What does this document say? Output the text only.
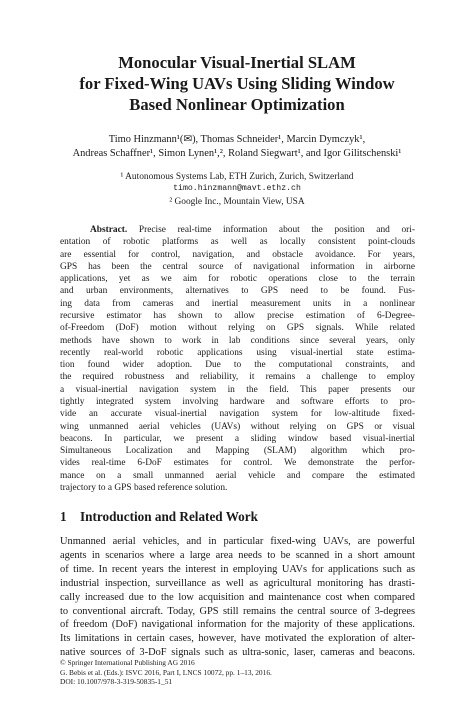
Monocular Visual-Inertial SLAM
for Fixed-Wing UAVs Using Sliding Window
Based Nonlinear Optimization
Timo Hinzmann¹(✉), Thomas Schneider¹, Marcin Dymczyk¹,
Andreas Schaffner¹, Simon Lynen¹,², Roland Siegwart¹, and Igor Gilitschenski¹
¹ Autonomous Systems Lab, ETH Zurich, Zurich, Switzerland
timo.hinzmann@mavt.ethz.ch
² Google Inc., Mountain View, USA
Abstract. Precise real-time information about the position and ori-
entation of robotic platforms as well as locally consistent point-clouds
are essential for control, navigation, and obstacle avoidance. For years,
GPS has been the central source of navigational information in airborne
applications, yet as we aim for robotic operations close to the terrain
and urban environments, alternatives to GPS need to be found. Fus-
ing data from cameras and inertial measurement units in a nonlinear
recursive estimator has shown to allow precise estimation of 6-Degree-
of-Freedom (DoF) motion without relying on GPS signals. While related
methods have shown to work in lab conditions since several years, only
recently real-world robotic applications using visual-inertial state estima-
tion found wider adoption. Due to the computational constraints, and
the required robustness and reliability, it remains a challenge to employ
a visual-inertial navigation system in the field. This paper presents our
tightly integrated system involving hardware and software efforts to pro-
vide an accurate visual-inertial navigation system for low-altitude fixed-
wing unmanned aerial vehicles (UAVs) without relying on GPS or visual
beacons. In particular, we present a sliding window based visual-inertial
Simultaneous Localization and Mapping (SLAM) algorithm which pro-
vides real-time 6-DoF estimates for control. We demonstrate the perfor-
mance on a small unmanned aerial vehicle and compare the estimated
trajectory to a GPS based reference solution.
1 Introduction and Related Work
Unmanned aerial vehicles, and in particular fixed-wing UAVs, are powerful
agents in scenarios where a large area needs to be scanned in a short amount
of time. In recent years the interest in employing UAVs for applications such as
industrial inspection, surveillance as well as agricultural monitoring has drasti-
cally increased due to the low acquisition and maintenance cost when compared
to conventional aircraft. Today, GPS still remains the central source of 3-degrees
of freedom (DoF) navigational information for the majority of these applications.
Its limitations in certain cases, however, have motivated the exploration of alter-
native sources of 3-DoF signals such as ultra-sonic, laser, cameras and beacons.
© Springer International Publishing AG 2016
G. Bebis et al. (Eds.): ISVC 2016, Part I, LNCS 10072, pp. 1–13, 2016.
DOI: 10.1007/978-3-319-50835-1_51
